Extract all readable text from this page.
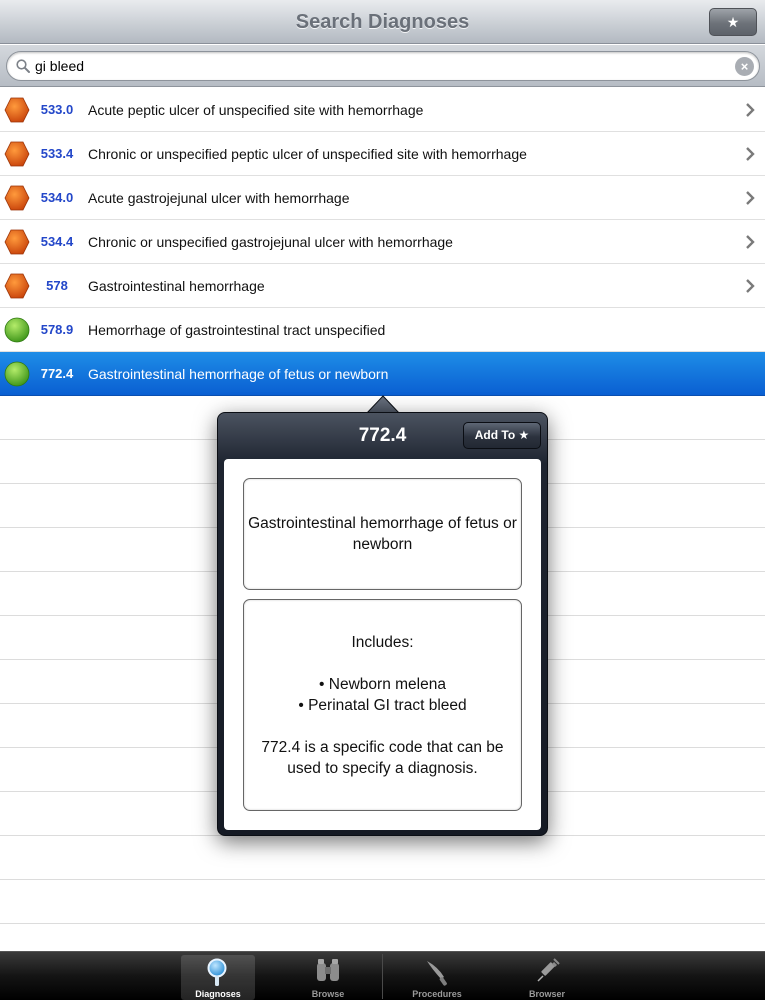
Search Diagnoses	★
gi bleed
×
533.0	Acute peptic ulcer of unspecified site with hemorrhage
533.4	Chronic or unspecified peptic ulcer of unspecified site with hemorrhage
534.0	Acute gastrojejunal ulcer with hemorrhage
534.4	Chronic or unspecified gastrojejunal ulcer with hemorrhage
578	Gastrointestinal hemorrhage
578.9	Hemorrhage of gastrointestinal tract unspecified
772.4	Gastrointestinal hemorrhage of fetus or newborn
772.4	Add To ★
Gastrointestinal hemorrhage of fetus or newborn

Includes:

• Newborn melena

• Perinatal GI tract bleed

772.4 is a specific code that can be used to specify a diagnosis.

Diagnoses	Browse	Procedures	Browser
